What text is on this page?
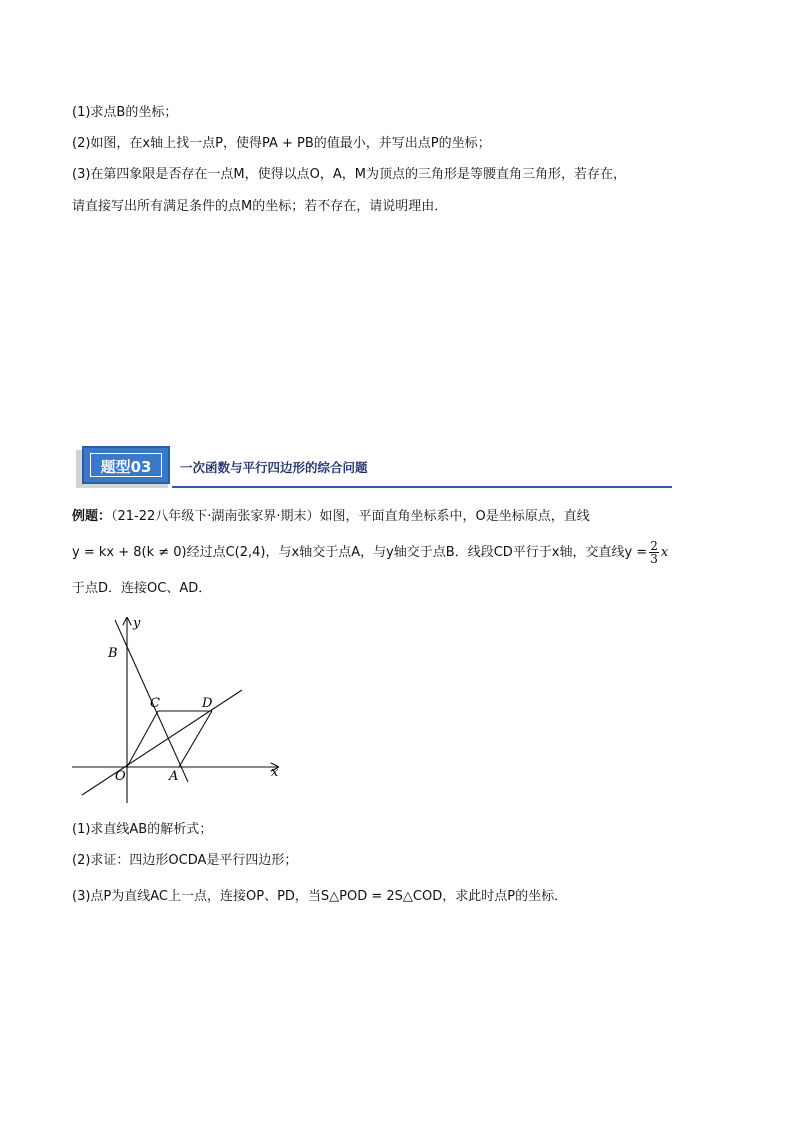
(1)求点B的坐标；
(2)如图，在x轴上找一点P，使得PA + PB的值最小，并写出点P的坐标；
(3)在第四象限是否存在一点M，使得以点O，A，M为顶点的三角形是等腰直角三角形，若存在，
请直接写出所有满足条件的点M的坐标；若不存在，请说明理由．
题型03	一次函数与平行四边形的综合问题
例题：（21-22八年级下·湖南张家界·期末）如图，平面直角坐标系中，O是坐标原点，直线
y = kx + 8(k ≠ 0)经过点C(2,4)，与x轴交于点A，与y轴交于点B．线段CD平行于x轴，交直线$y = \frac{2}{3}$ x
于点D．连接OC、AD．
y
x
B
C	D
O	A
(1)求直线AB的解析式；
(2)求证：四边形OCDA是平行四边形；
(3)点P为直线AC上一点，连接OP、PD，当S△POD = 2S△COD，求此时点P的坐标．
